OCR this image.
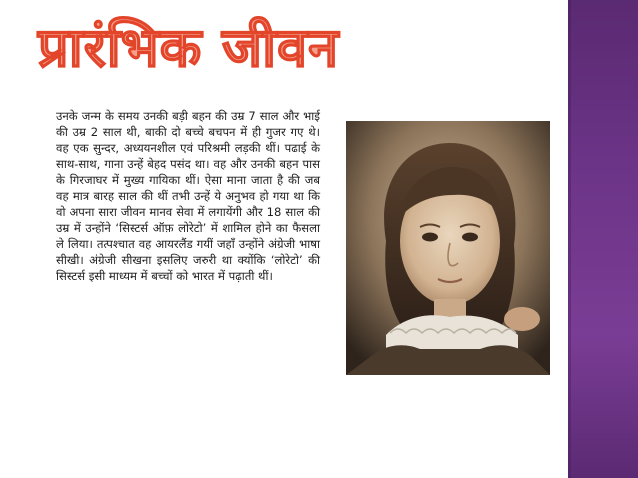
प्रारंभिक जीवन

उनके जन्म के समय उनकी बड़ी बहन की उम्र 7 साल और भाई की उम्र 2 साल थी, बाकी दो बच्चे बचपन में ही गुजर गए थे। वह एक सुन्दर, अध्ययनशील एवं परिश्रमी लड़की थीं। पढाई के साथ-साथ, गाना उन्हें बेहद पसंद था। वह और उनकी बहन पास के गिरजाघर में मुख्य गायिका थीं। ऐसा माना जाता है की जब वह मात्र बारह साल की थीं तभी उन्हें ये अनुभव हो गया था कि वो अपना सारा जीवन मानव सेवा में लगायेंगी और 18 साल की उम्र में उन्होंने ‘सिस्टर्स ऑफ़ लोरेटो’ में शामिल होने का फैसला ले लिया। तत्पश्चात वह आयरलैंड गयीं जहाँ उन्होंने अंग्रेजी भाषा सीखी। अंग्रेजी सीखना इसलिए जरुरी था क्योंकि ‘लोरेटो’ की सिस्टर्स इसी माध्यम में बच्चों को भारत में पढ़ाती थीं।
